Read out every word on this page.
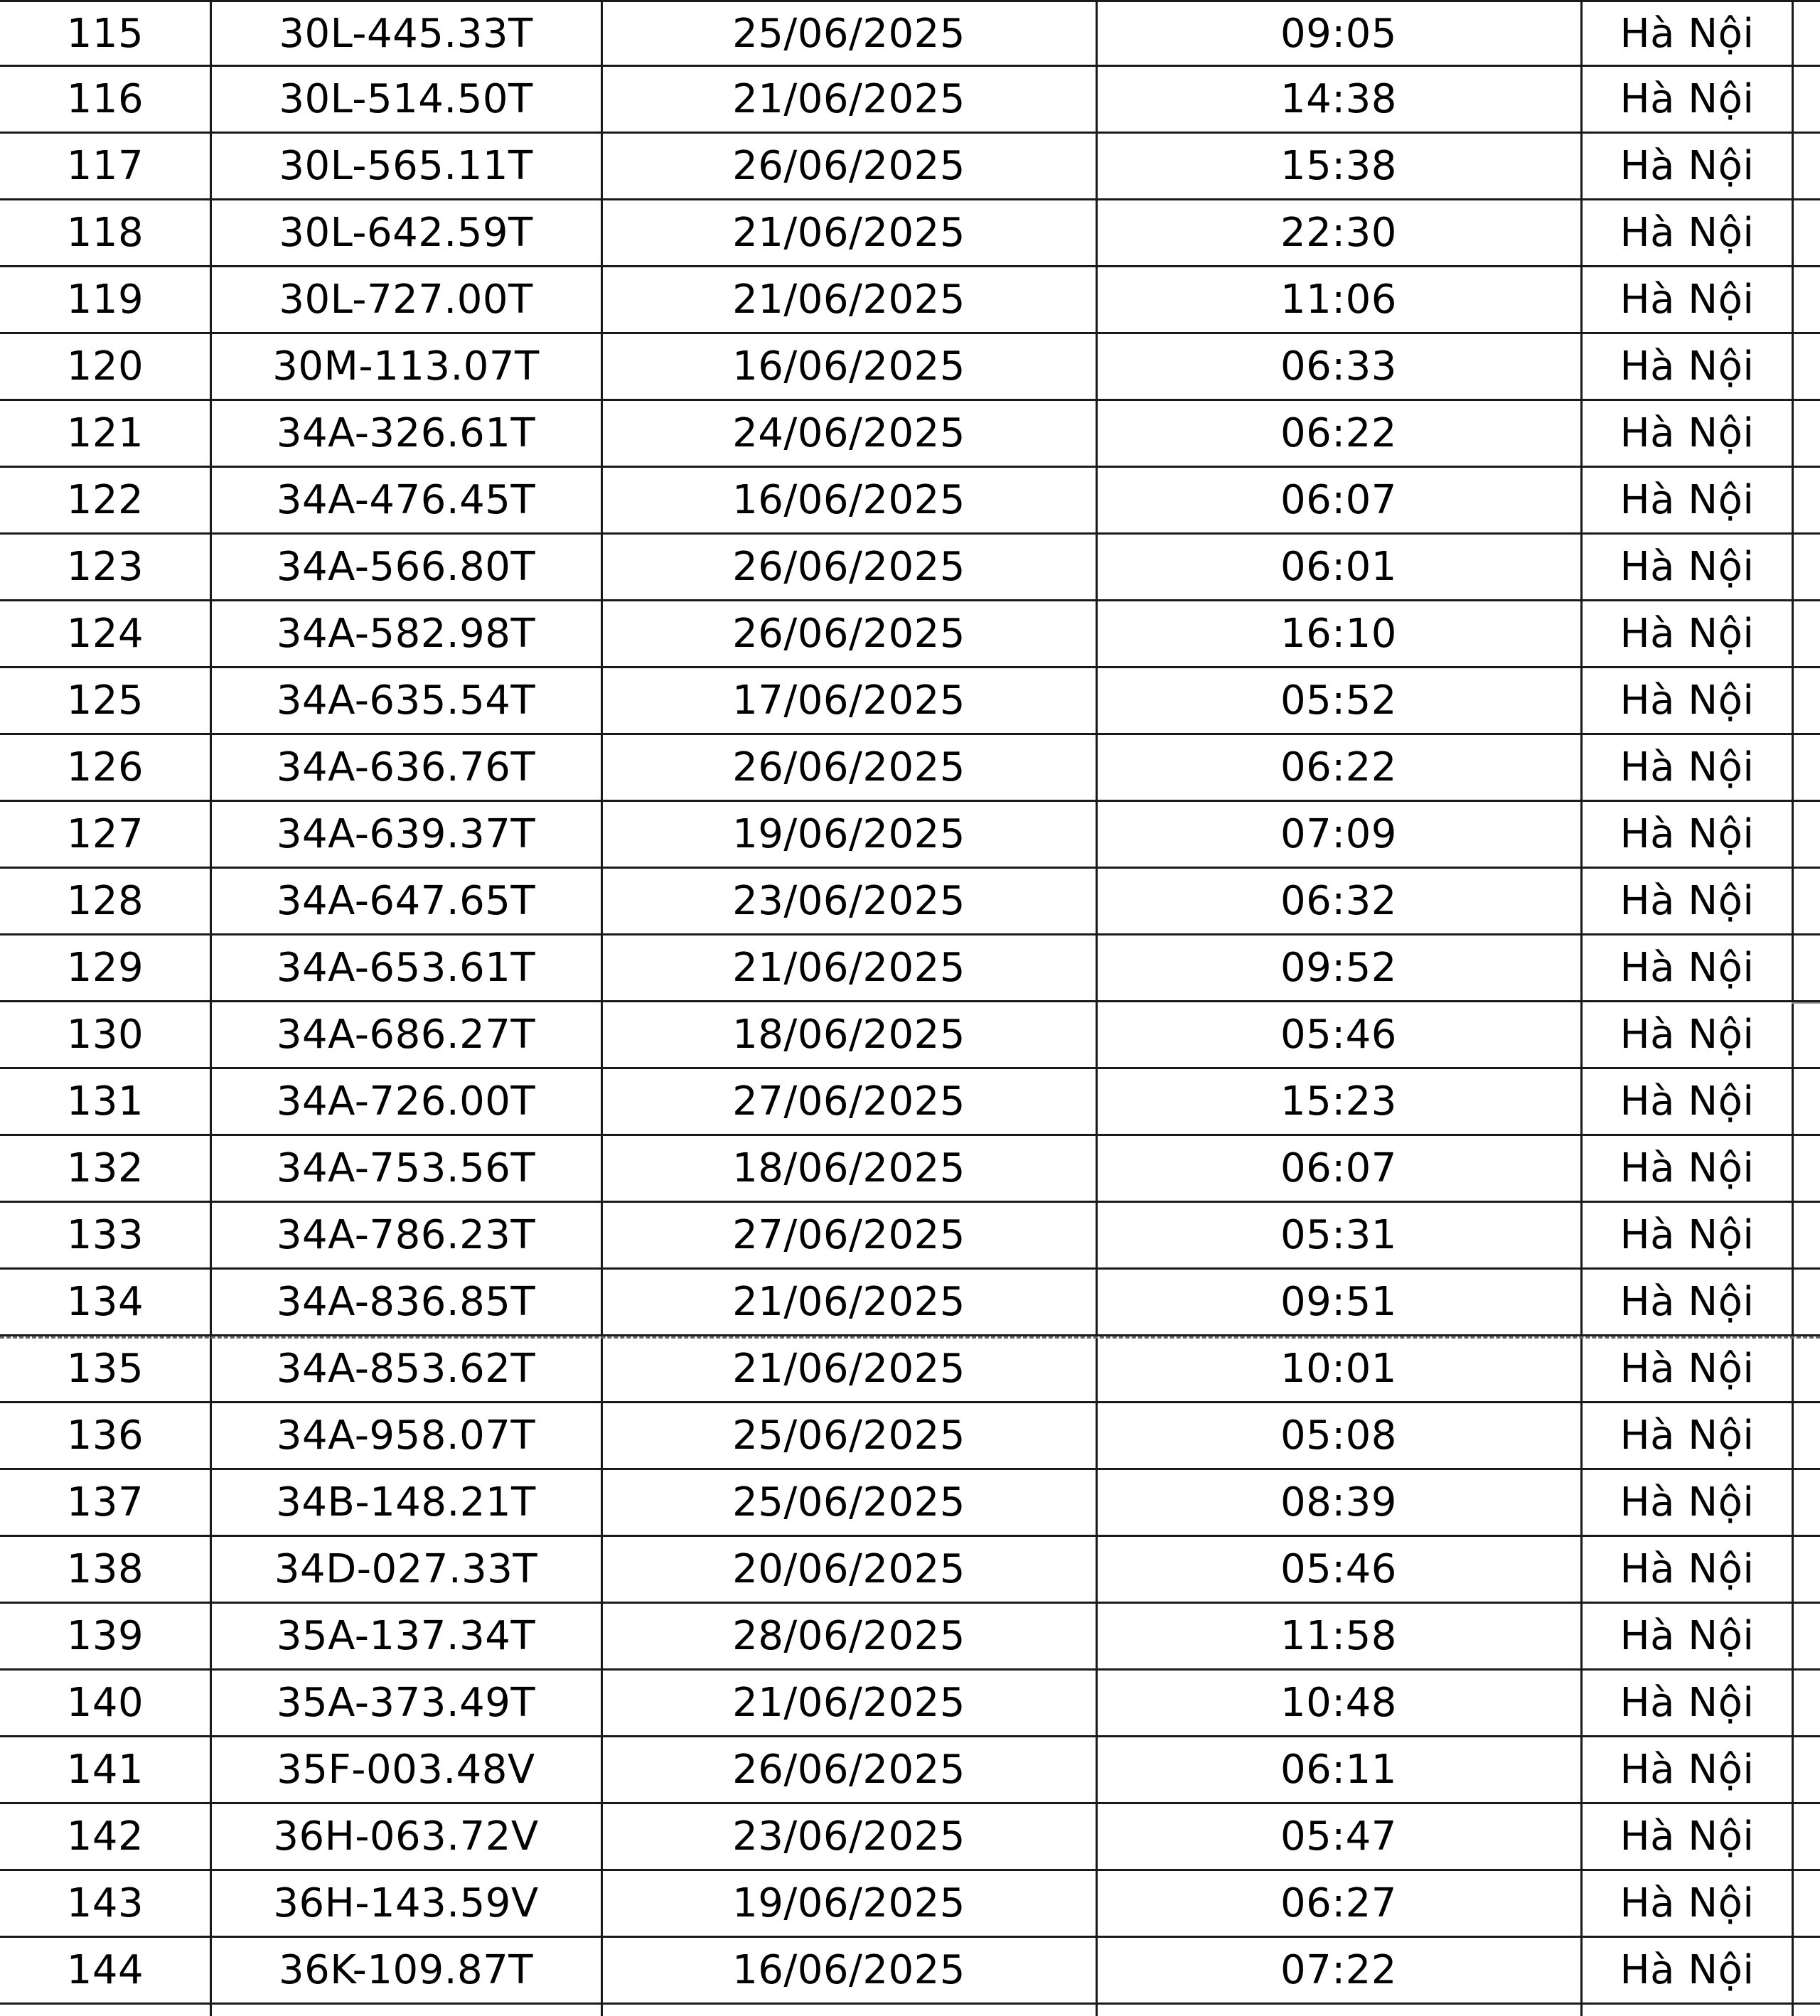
115	30L-445.33T	25/06/2025	09:05	Hà Nội
116	30L-514.50T	21/06/2025	14:38	Hà Nội
117	30L-565.11T	26/06/2025	15:38	Hà Nội
118	30L-642.59T	21/06/2025	22:30	Hà Nội
119	30L-727.00T	21/06/2025	11:06	Hà Nội
120	30M-113.07T	16/06/2025	06:33	Hà Nội
121	34A-326.61T	24/06/2025	06:22	Hà Nội
122	34A-476.45T	16/06/2025	06:07	Hà Nội
123	34A-566.80T	26/06/2025	06:01	Hà Nội
124	34A-582.98T	26/06/2025	16:10	Hà Nội
125	34A-635.54T	17/06/2025	05:52	Hà Nội
126	34A-636.76T	26/06/2025	06:22	Hà Nội
127	34A-639.37T	19/06/2025	07:09	Hà Nội
128	34A-647.65T	23/06/2025	06:32	Hà Nội
129	34A-653.61T	21/06/2025	09:52	Hà Nội
130	34A-686.27T	18/06/2025	05:46	Hà Nội
131	34A-726.00T	27/06/2025	15:23	Hà Nội
132	34A-753.56T	18/06/2025	06:07	Hà Nội
133	34A-786.23T	27/06/2025	05:31	Hà Nội
134	34A-836.85T	21/06/2025	09:51	Hà Nội
135	34A-853.62T	21/06/2025	10:01	Hà Nội
136	34A-958.07T	25/06/2025	05:08	Hà Nội
137	34B-148.21T	25/06/2025	08:39	Hà Nội
138	34D-027.33T	20/06/2025	05:46	Hà Nội
139	35A-137.34T	28/06/2025	11:58	Hà Nội
140	35A-373.49T	21/06/2025	10:48	Hà Nội
141	35F-003.48V	26/06/2025	06:11	Hà Nội
142	36H-063.72V	23/06/2025	05:47	Hà Nội
143	36H-143.59V	19/06/2025	06:27	Hà Nội
144	36K-109.87T	16/06/2025	07:22	Hà Nội
